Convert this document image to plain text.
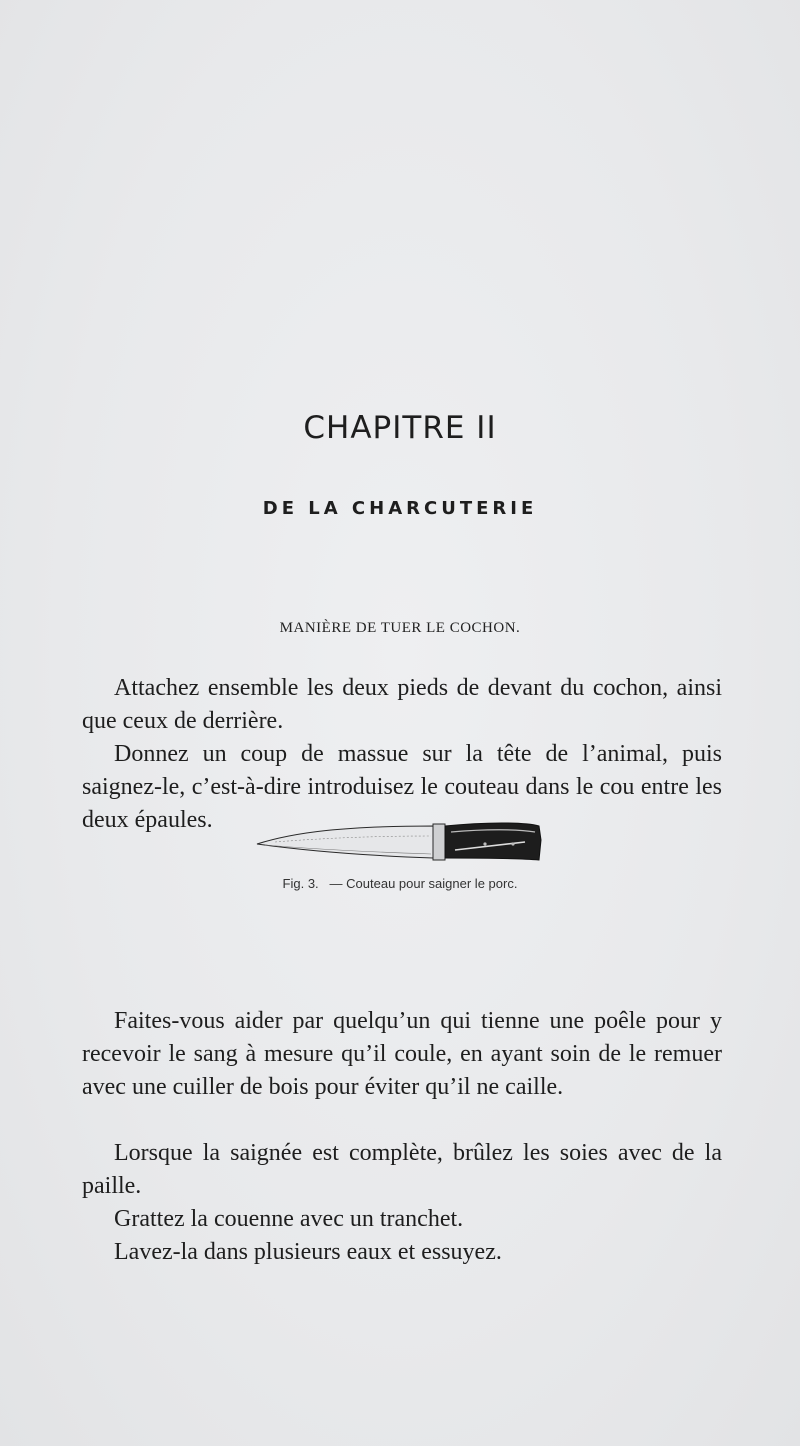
CHAPITRE II
DE LA CHARCUTERIE
MANIÈRE DE TUER LE COCHON.

Attachez ensemble les deux pieds de devant du cochon, ainsi que ceux de derrière.

Donnez un coup de massue sur la tête de l’animal, puis saignez-le, c’est-à-dire introduisez le couteau dans le cou entre les deux épaules.

Fig. 3. — Couteau pour saigner le porc.

Faites-vous aider par quelqu’un qui tienne une poêle pour y recevoir le sang à mesure qu’il coule, en ayant soin de le remuer avec une cuiller de bois pour éviter qu’il ne caille.

Lorsque la saignée est complète, brûlez les soies avec de la paille.

Grattez la couenne avec un tranchet.

Lavez-la dans plusieurs eaux et essuyez.
